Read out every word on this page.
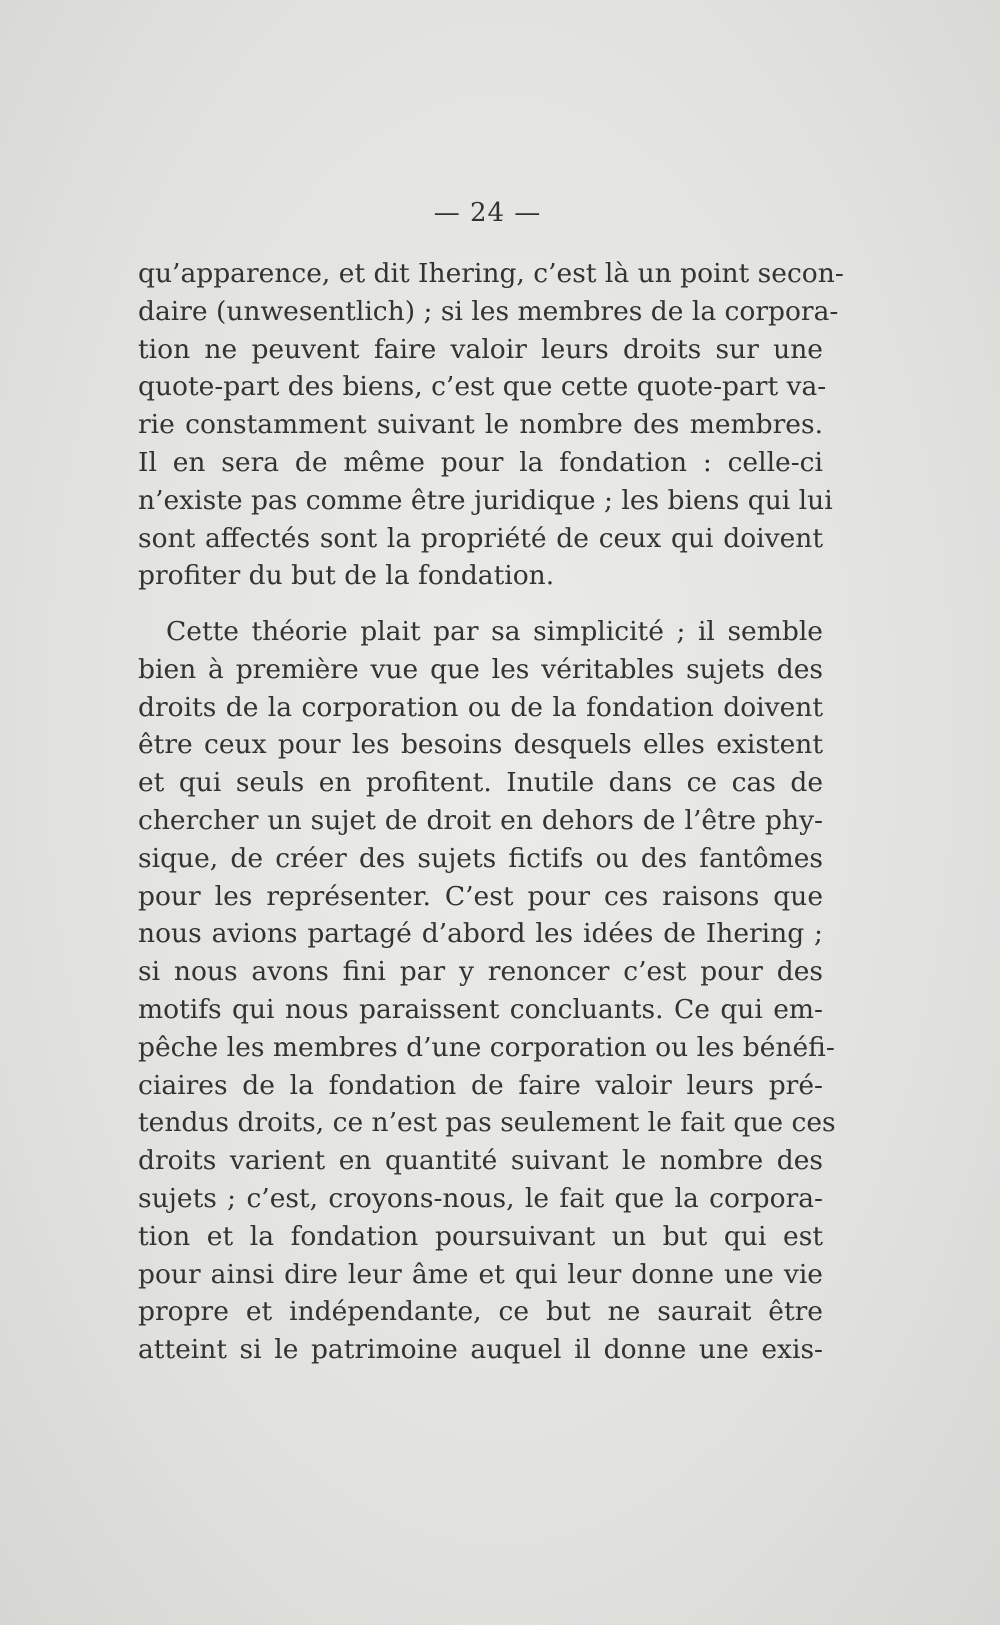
— 24 —
qu’apparence, et dit Ihering, c’est là un point secon-
daire (unwesentlich) ; si les membres de la corpora-
tion ne peuvent faire valoir leurs droits sur une
quote-part des biens, c’est que cette quote-part va-
rie constamment suivant le nombre des membres.
Il en sera de même pour la fondation : celle-ci
n’existe pas comme être juridique ; les biens qui lui
sont affectés sont la propriété de ceux qui doivent
profiter du but de la fondation.
Cette théorie plait par sa simplicité ; il semble
bien à première vue que les véritables sujets des
droits de la corporation ou de la fondation doivent
être ceux pour les besoins desquels elles existent
et qui seuls en profitent. Inutile dans ce cas de
chercher un sujet de droit en dehors de l’être phy-
sique, de créer des sujets fictifs ou des fantômes
pour les représenter. C’est pour ces raisons que
nous avions partagé d’abord les idées de Ihering ;
si nous avons fini par y renoncer c’est pour des
motifs qui nous paraissent concluants. Ce qui em-
pêche les membres d’une corporation ou les bénéfi-
ciaires de la fondation de faire valoir leurs pré-
tendus droits, ce n’est pas seulement le fait que ces
droits varient en quantité suivant le nombre des
sujets ; c’est, croyons-nous, le fait que la corpora-
tion et la fondation poursuivant un but qui est
pour ainsi dire leur âme et qui leur donne une vie
propre et indépendante, ce but ne saurait être
atteint si le patrimoine auquel il donne une exis-
